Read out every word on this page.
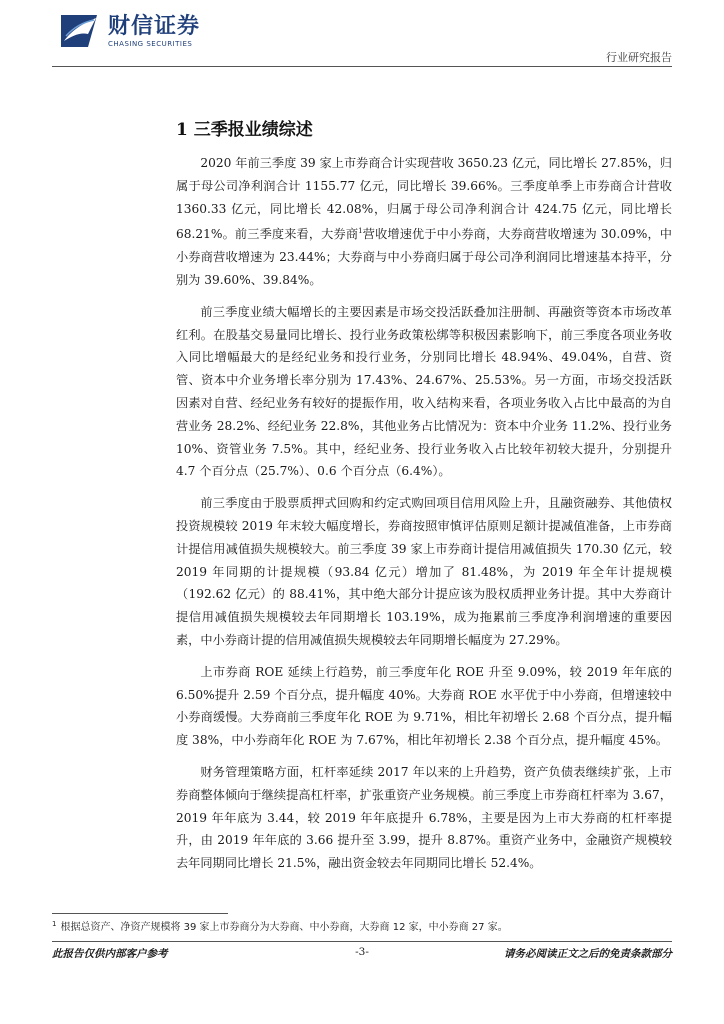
财信证券
CHASING SECURITIES
行业研究报告
1 三季报业绩综述

2020 年前三季度 39 家上市券商合计实现营收 3650.23 亿元，同比增长 27.85%，归属于母公司净利润合计 1155.77 亿元，同比增长 39.66%。三季度单季上市券商合计营收 1360.33 亿元，同比增长 42.08%，归属于母公司净利润合计 424.75 亿元，同比增长 68.21%。前三季度来看，大券商$^1$营收增速优于中小券商，大券商营收增速为 30.09%，中小券商营收增速为 23.44%；大券商与中小券商归属于母公司净利润同比增速基本持平，分别为 39.60%、39.84%。

前三季度业绩大幅增长的主要因素是市场交投活跃叠加注册制、再融资等资本市场改革红利。在股基交易量同比增长、投行业务政策松绑等积极因素影响下，前三季度各项业务收入同比增幅最大的是经纪业务和投行业务，分别同比增长 48.94%、49.04%，自营、资管、资本中介业务增长率分别为 17.43%、24.67%、25.53%。另一方面，市场交投活跃因素对自营、经纪业务有较好的提振作用，收入结构来看，各项业务收入占比中最高的为自营业务 28.2%、经纪业务 22.8%，其他业务占比情况为：资本中介业务 11.2%、投行业务 10%、资管业务 7.5%。其中，经纪业务、投行业务收入占比较年初较大提升，分别提升 4.7 个百分点（25.7%）、0.6 个百分点（6.4%）。

前三季度由于股票质押式回购和约定式购回项目信用风险上升，且融资融券、其他债权投资规模较 2019 年末较大幅度增长，券商按照审慎评估原则足额计提减值准备，上市券商计提信用减值损失规模较大。前三季度 39 家上市券商计提信用减值损失 170.30 亿元，较 2019 年同期的计提规模（93.84 亿元）增加了 81.48%，为 2019 年全年计提规模（192.62 亿元）的 88.41%，其中绝大部分计提应该为股权质押业务计提。其中大券商计提信用减值损失规模较去年同期增长 103.19%，成为拖累前三季度净利润增速的重要因素，中小券商计提的信用减值损失规模较去年同期增长幅度为 27.29%。

上市券商 ROE 延续上行趋势，前三季度年化 ROE 升至 9.09%，较 2019 年年底的 6.50%提升 2.59 个百分点，提升幅度 40%。大券商 ROE 水平优于中小券商，但增速较中小券商缓慢。大券商前三季度年化 ROE 为 9.71%，相比年初增长 2.68 个百分点，提升幅度 38%，中小券商年化 ROE 为 7.67%，相比年初增长 2.38 个百分点，提升幅度 45%。

财务管理策略方面，杠杆率延续 2017 年以来的上升趋势，资产负债表继续扩张，上市券商整体倾向于继续提高杠杆率，扩张重资产业务规模。前三季度上市券商杠杆率为 3.67，2019 年年底为 3.44，较 2019 年年底提升 6.78%，主要是因为上市大券商的杠杆率提升，由 2019 年年底的 3.66 提升至 3.99，提升 8.87%。重资产业务中，金融资产规模较去年同期同比增长 21.5%，融出资金较去年同期同比增长 52.4%。

$^1$ 根据总资产、净资产规模将 39 家上市券商分为大券商、中小券商，大券商 12 家，中小券商 27 家。
此报告仅供内部客户参考	-3-	请务必阅读正文之后的免责条款部分
